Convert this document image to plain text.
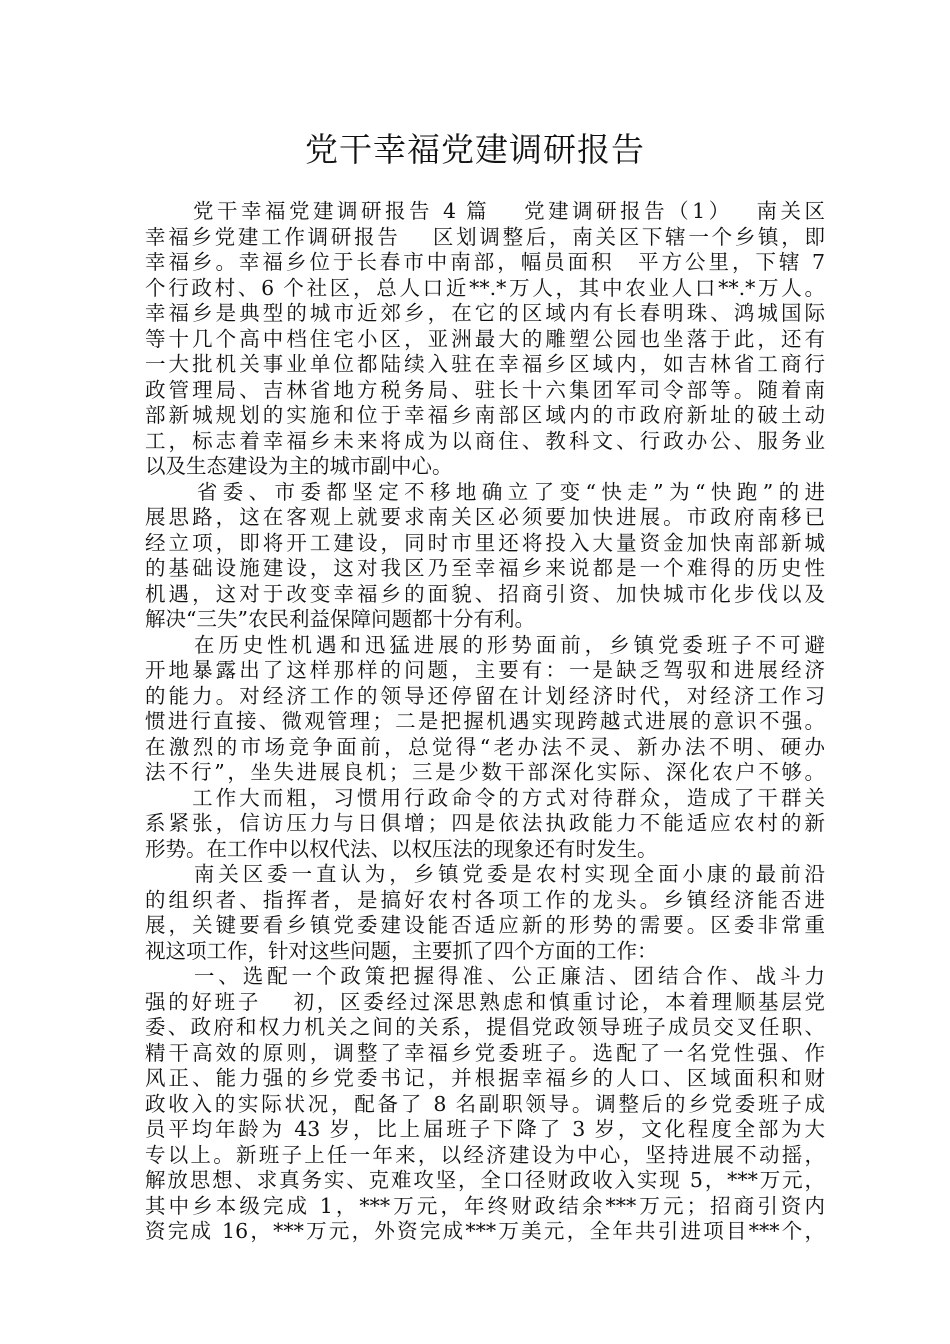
党干幸福党建调研报告
　　党干幸福党建调研报告 4 篇　 党建调研报告（1）　 南关区
幸福乡党建工作调研报告　 区划调整后，南关区下辖一个乡镇，即
幸福乡。幸福乡位于长春市中南部，幅员面积　平方公里，下辖 7
个行政村、6 个社区，总人口近**.*万人，其中农业人口**.*万人。
幸福乡是典型的城市近郊乡，在它的区域内有长春明珠、鸿城国际
等十几个高中档住宅小区，亚洲最大的雕塑公园也坐落于此，还有
一大批机关事业单位都陆续入驻在幸福乡区域内，如吉林省工商行
政管理局、吉林省地方税务局、驻长十六集团军司令部等。随着南
部新城规划的实施和位于幸福乡南部区域内的市政府新址的破土动
工，标志着幸福乡未来将成为以商住、教科文、行政办公、服务业
以及生态建设为主的城市副中心。
　　省委、市委都坚定不移地确立了变“快走”为“快跑”的进
展思路，这在客观上就要求南关区必须要加快进展。市政府南移已
经立项，即将开工建设，同时市里还将投入大量资金加快南部新城
的基础设施建设，这对我区乃至幸福乡来说都是一个难得的历史性
机遇，这对于改变幸福乡的面貌、招商引资、加快城市化步伐以及
解决“三失”农民利益保障问题都十分有利。
　　在历史性机遇和迅猛进展的形势面前，乡镇党委班子不可避
开地暴露出了这样那样的问题，主要有：一是缺乏驾驭和进展经济
的能力。对经济工作的领导还停留在计划经济时代，对经济工作习
惯进行直接、微观管理；二是把握机遇实现跨越式进展的意识不强。
在激烈的市场竞争面前，总觉得“老办法不灵、新办法不明、硬办
法不行”，坐失进展良机；三是少数干部深化实际、深化农户不够。
　　工作大而粗，习惯用行政命令的方式对待群众，造成了干群关
系紧张，信访压力与日俱增；四是依法执政能力不能适应农村的新
形势。在工作中以权代法、以权压法的现象还有时发生。
　　南关区委一直认为，乡镇党委是农村实现全面小康的最前沿
的组织者、指挥者，是搞好农村各项工作的龙头。乡镇经济能否进
展，关键要看乡镇党委建设能否适应新的形势的需要。区委非常重
视这项工作，针对这些问题，主要抓了四个方面的工作：
　　一、选配一个政策把握得准、公正廉洁、团结合作、战斗力
强的好班子　 初，区委经过深思熟虑和慎重讨论，本着理顺基层党
委、政府和权力机关之间的关系，提倡党政领导班子成员交叉任职、
精干高效的原则，调整了幸福乡党委班子。选配了一名党性强、作
风正、能力强的乡党委书记，并根据幸福乡的人口、区域面积和财
政收入的实际状况，配备了 8 名副职领导。调整后的乡党委班子成
员平均年龄为 43 岁，比上届班子下降了 3 岁，文化程度全部为大
专以上。新班子上任一年来，以经济建设为中心，坚持进展不动摇，
解放思想、求真务实、克难攻坚，全口径财政收入实现 5，***万元，
其中乡本级完成 1，***万元，年终财政结余***万元；招商引资内
资完成 16，***万元，外资完成***万美元，全年共引进项目***个，
